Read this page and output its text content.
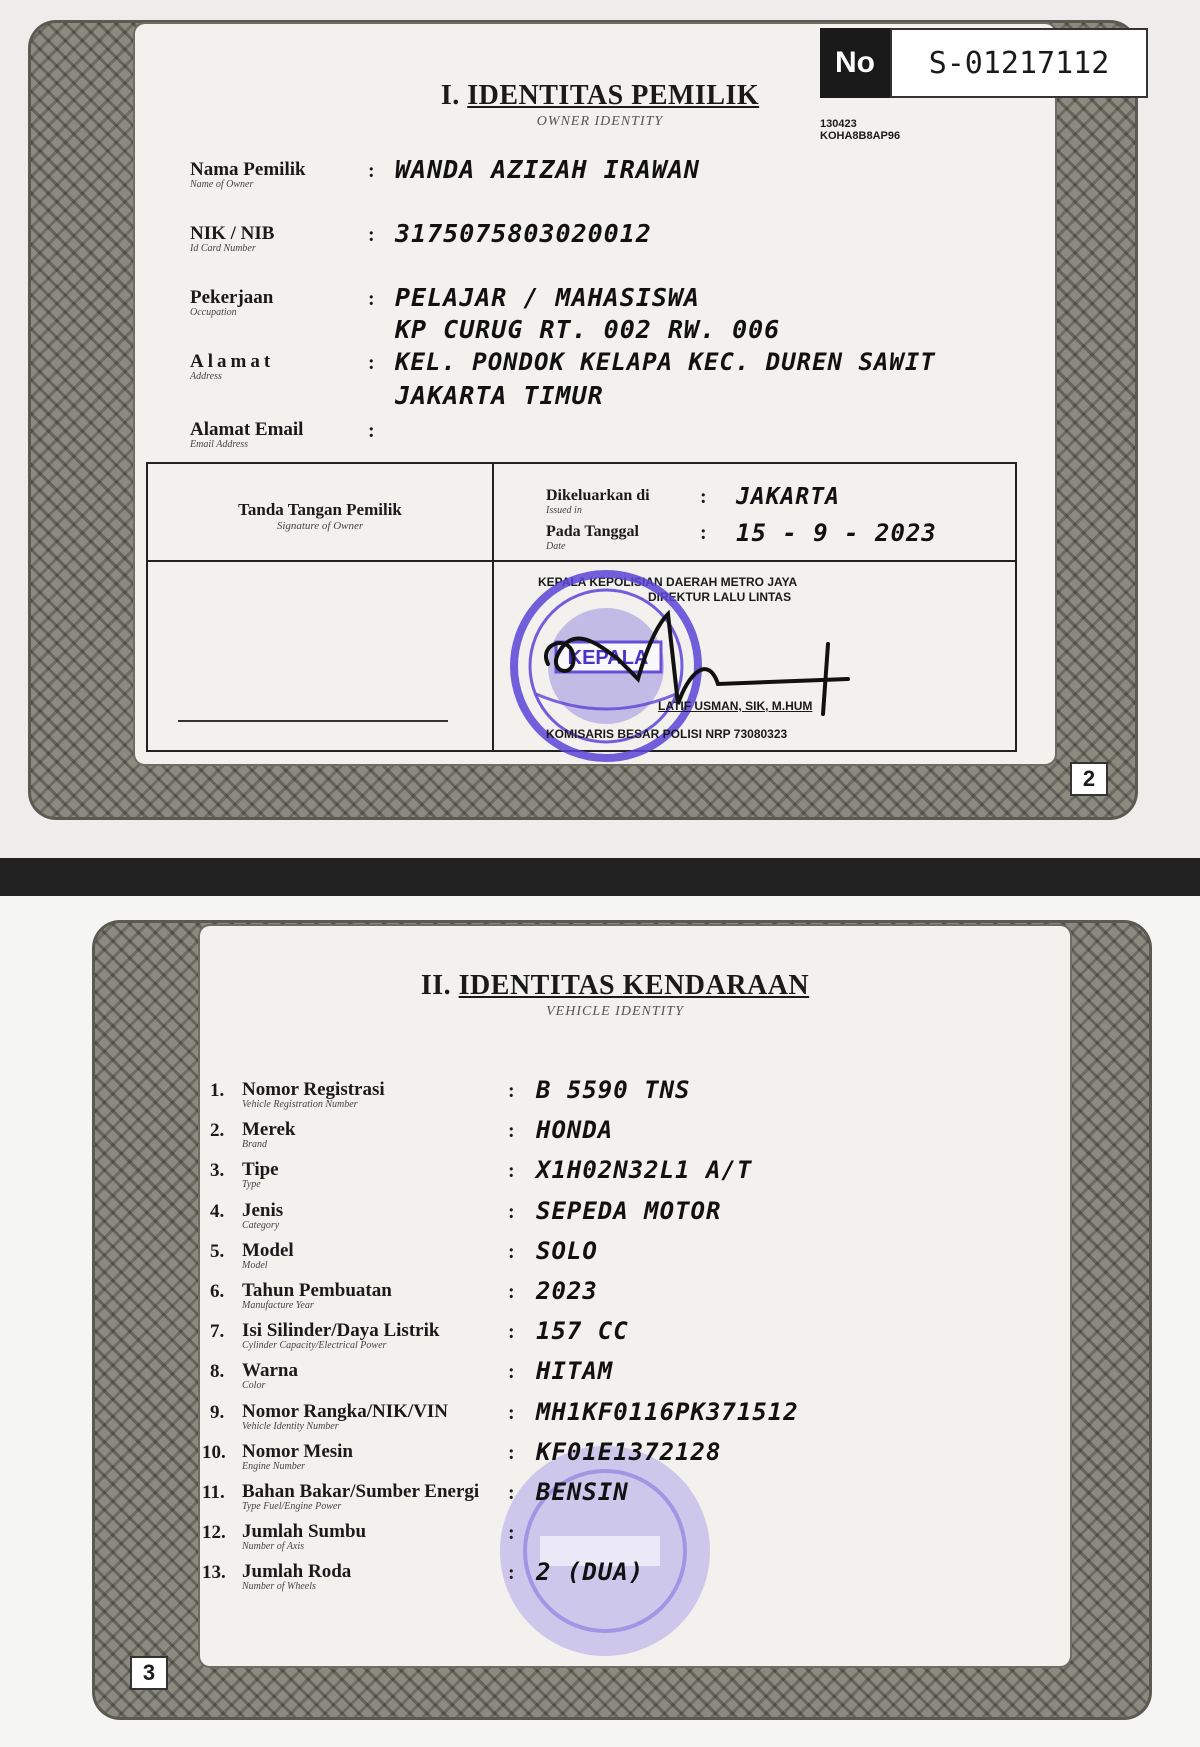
I. IDENTITAS PEMILIK
OWNER IDENTITY
No	S-01217112
130423
KOHA8B8AP96
Nama Pemilik
Name of Owner
: WANDA AZIZAH IRAWAN
NIK / NIB
Id Card Number
: 3175075803020012
Pekerjaan
Occupation
: PELAJAR / MAHASISWA
KP CURUG RT. 002 RW. 006
Alamat
Address
: KEL. PONDOK KELAPA KEC. DUREN SAWIT
JAKARTA TIMUR
Alamat Email
Email Address
:
Tanda Tangan Pemilik
Signature of Owner
Dikeluarkan di
Issued in
: JAKARTA
Pada Tanggal
Date
: 15 - 9 - 2023
KEPALA KEPOLISIAN DAERAH METRO JAYA
DIREKTUR LALU LINTAS
KEPALA
LATIF USMAN, SIK, M.HUM
KOMISARIS BESAR POLISI NRP 73080323
2
II. IDENTITAS KENDARAAN
VEHICLE IDENTITY
1. Nomor Registrasi
Vehicle Registration Number
: B 5590 TNS
2. Merek
Brand
: HONDA
3. Tipe
Type
: X1H02N32L1 A/T
4. Jenis
Category
: SEPEDA MOTOR
5. Model
Model
: SOLO
6. Tahun Pembuatan
Manufacture Year
: 2023
7. Isi Silinder/Daya Listrik
Cylinder Capacity/Electrical Power
: 157 CC
8. Warna
Color
: HITAM
9. Nomor Rangka/NIK/VIN
Vehicle Identity Number
: MH1KF0116PK371512
10. Nomor Mesin
Engine Number
: KF01E1372128
11. Bahan Bakar/Sumber Energi
Type Fuel/Engine Power
: BENSIN
12. Jumlah Sumbu
Number of Axis
:
13. Jumlah Roda
Number of Wheels
: 2 (DUA)
3
